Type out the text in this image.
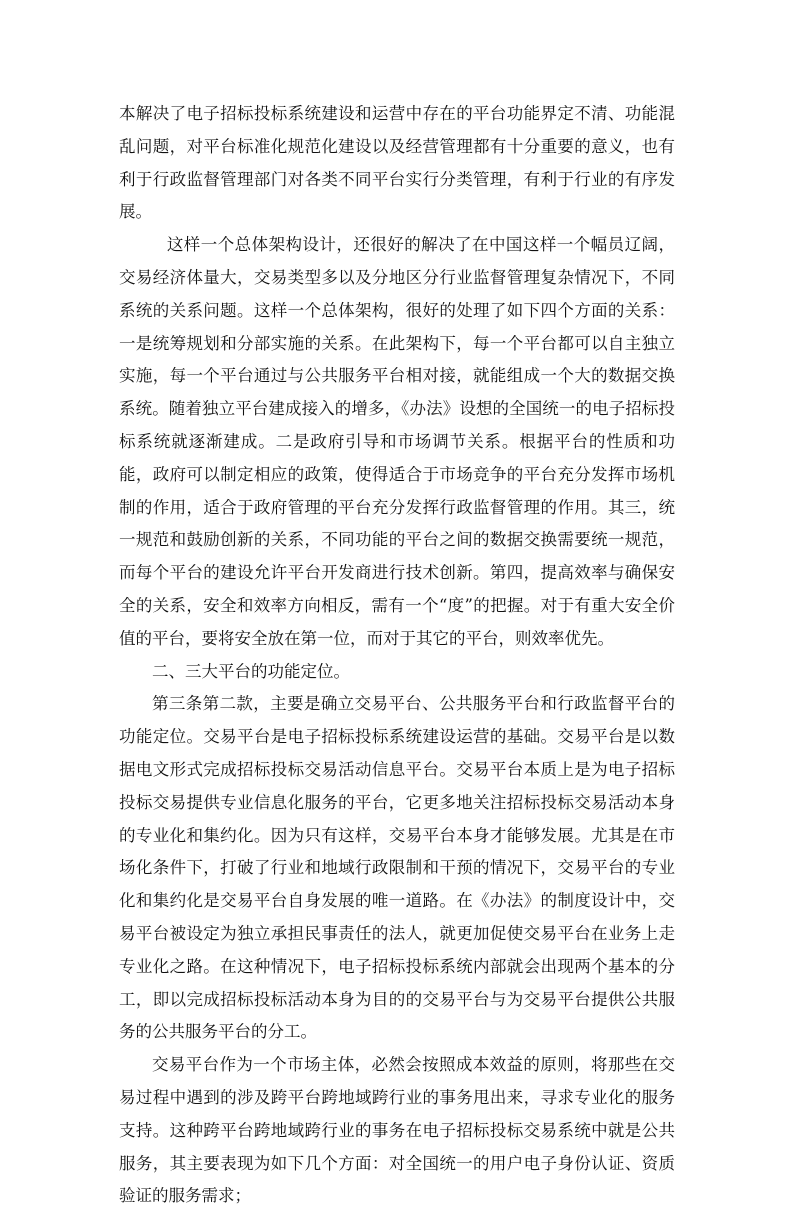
本解决了电子招标投标系统建设和运营中存在的平台功能界定不清、功能混乱问题，对平台标准化规范化建设以及经营管理都有十分重要的意义，也有利于行政监督管理部门对各类不同平台实行分类管理，有利于行业的有序发展。

这样一个总体架构设计，还很好的解决了在中国这样一个幅员辽阔，交易经济体量大，交易类型多以及分地区分行业监督管理复杂情况下，不同系统的关系问题。这样一个总体架构，很好的处理了如下四个方面的关系：一是统筹规划和分部实施的关系。在此架构下，每一个平台都可以自主独立实施，每一个平台通过与公共服务平台相对接，就能组成一个大的数据交换系统。随着独立平台建成接入的增多，《办法》设想的全国统一的电子招标投标系统就逐渐建成。二是政府引导和市场调节关系。根据平台的性质和功能，政府可以制定相应的政策，使得适合于市场竞争的平台充分发挥市场机制的作用，适合于政府管理的平台充分发挥行政监督管理的作用。其三，统一规范和鼓励创新的关系，不同功能的平台之间的数据交换需要统一规范，而每个平台的建设允许平台开发商进行技术创新。第四，提高效率与确保安全的关系，安全和效率方向相反，需有一个“度”的把握。对于有重大安全价值的平台，要将安全放在第一位，而对于其它的平台，则效率优先。

二、三大平台的功能定位。

第三条第二款，主要是确立交易平台、公共服务平台和行政监督平台的功能定位。交易平台是电子招标投标系统建设运营的基础。交易平台是以数据电文形式完成招标投标交易活动信息平台。交易平台本质上是为电子招标投标交易提供专业信息化服务的平台，它更多地关注招标投标交易活动本身的专业化和集约化。因为只有这样，交易平台本身才能够发展。尤其是在市场化条件下，打破了行业和地域行政限制和干预的情况下，交易平台的专业化和集约化是交易平台自身发展的唯一道路。在《办法》的制度设计中，交易平台被设定为独立承担民事责任的法人，就更加促使交易平台在业务上走专业化之路。在这种情况下，电子招标投标系统内部就会出现两个基本的分工，即以完成招标投标活动本身为目的的交易平台与为交易平台提供公共服务的公共服务平台的分工。

交易平台作为一个市场主体，必然会按照成本效益的原则，将那些在交易过程中遇到的涉及跨平台跨地域跨行业的事务甩出来，寻求专业化的服务支持。这种跨平台跨地域跨行业的事务在电子招标投标交易系统中就是公共服务，其主要表现为如下几个方面：对全国统一的用户电子身份认证、资质验证的服务需求；
